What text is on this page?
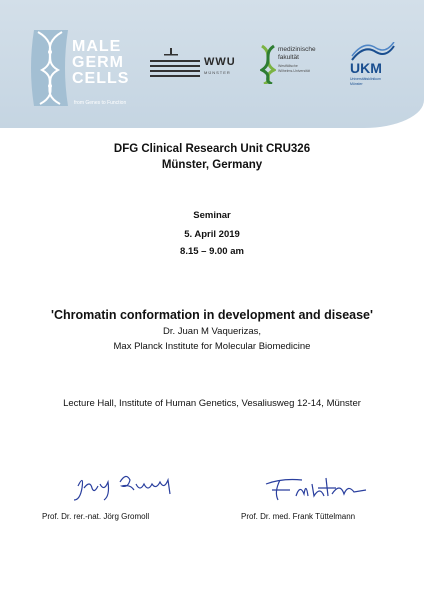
MALE
GERM
CELLS
from Genes to Function
WWU
MÜNSTER
medizinische
fakultät
Westfälische
Wilhelms-Universität	UKM
Universitätsklinikum
Münster
DFG Clinical Research Unit CRU326
Münster, Germany
Seminar
5. April 2019
8.15 – 9.00 am
'Chromatin conformation in development and disease'
Dr. Juan M Vaquerizas,
Max Planck Institute for Molecular Biomedicine
Lecture Hall, Institute of Human Genetics, Vesaliusweg 12-14, Münster
Prof. Dr. rer.-nat. Jörg Gromoll	Prof. Dr. med. Frank Tüttelmann
